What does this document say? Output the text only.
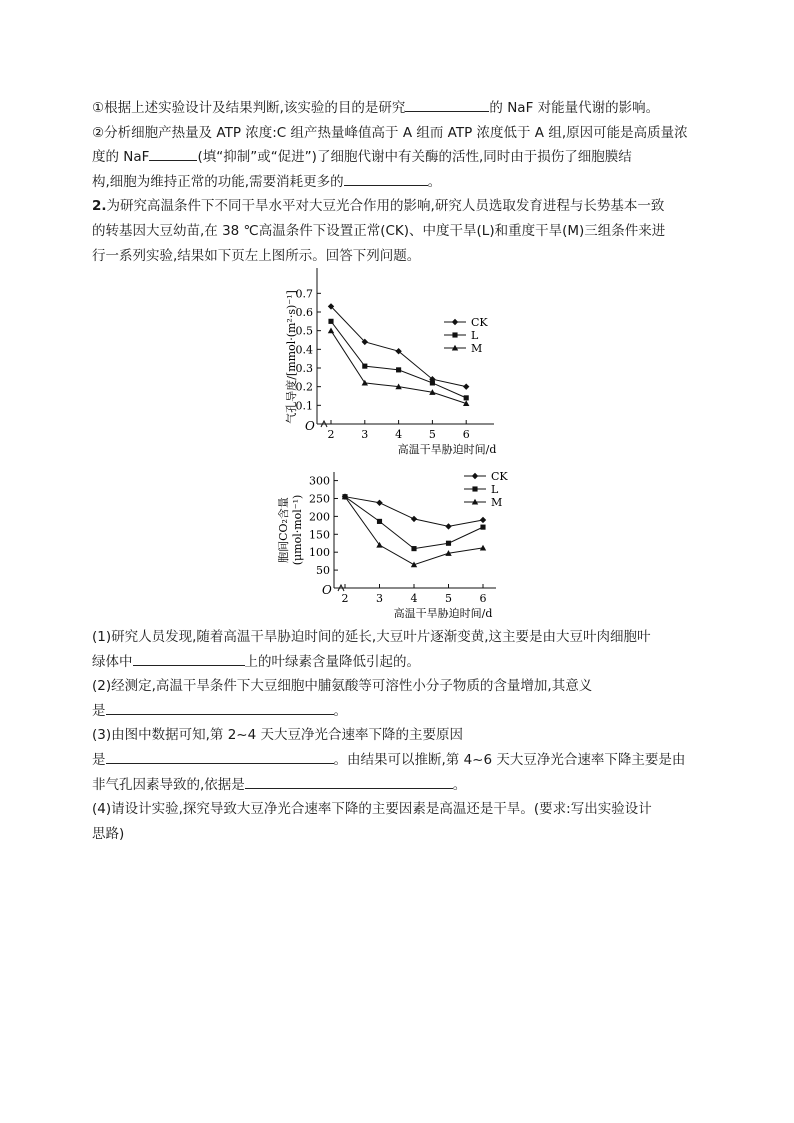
①根据上述实验设计及结果判断,该实验的目的是研究	的 NaF 对能量代谢的影响。

②分析细胞产热量及 ATP 浓度:C 组产热量峰值高于 A 组而 ATP 浓度低于 A 组,原因可能是高质量浓

度的 NaF	(填“抑制”或“促进”)了细胞代谢中有关酶的活性,同时由于损伤了细胞膜结

构,细胞为维持正常的功能,需要消耗更多的	。

2.为研究高温条件下不同干旱水平对大豆光合作用的影响,研究人员选取发育进程与长势基本一致

的转基因大豆幼苗,在 38 ℃高温条件下设置正常(CK)、中度干旱(L)和重度干旱(M)三组条件来进

行一系列实验,结果如下页左上图所示。回答下列问题。

O
0.1
0.2
0.3
0.4
0.5
0.6
0.7
2 3 4 5 6
高温干旱胁迫时间/d
气孔导度/[mmol·(m²·s)⁻¹]	CK
L
M
O
50
100
150
200
250
300
2	3	4	5	6
高温干旱胁迫时间/d
胞间CO₂含量 (μmol·mol⁻¹)
CK
L
M

(1)研究人员发现,随着高温干旱胁迫时间的延长,大豆叶片逐渐变黄,这主要是由大豆叶肉细胞叶

绿体中	上的叶绿素含量降低引起的。

(2)经测定,高温干旱条件下大豆细胞中脯氨酸等可溶性小分子物质的含量增加,其意义

是	。

(3)由图中数据可知,第 2~4 天大豆净光合速率下降的主要原因

是	。由结果可以推断,第 4~6 天大豆净光合速率下降主要是由

非气孔因素导致的,依据是	。

(4)请设计实验,探究导致大豆净光合速率下降的主要因素是高温还是干旱。(要求:写出实验设计

思路)
